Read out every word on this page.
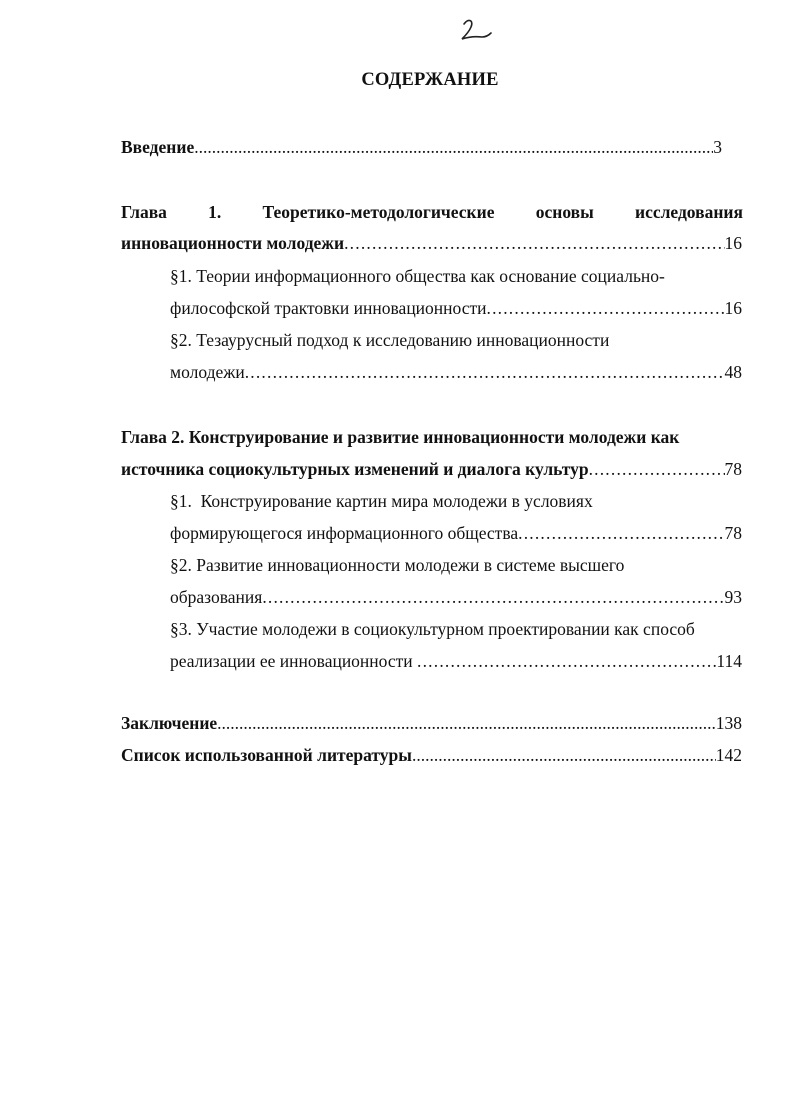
СОДЕРЖАНИЕ
Введение .....	3
Глава 1. Теоретико-методологические основы исследования
инновационности молодежи .....	16
§1. Теории информационного общества как основание социально-
философской трактовки инновационности .....	16
§2. Тезаурусный подход к исследованию инновационности
молодежи .....	48
Глава 2. Конструирование и развитие инновационности молодежи как
источника социокультурных изменений и диалога культур .....	78
§1.  Конструирование картин мира молодежи в условиях
формирующегося информационного общества .....	78
§2. Развитие инновационности молодежи в системе высшего
образования .....	93
§3. Участие молодежи в социокультурном проектировании как способ
реализации ее инновационности .....	114
Заключение .....	138
Список использованной литературы .....	142
